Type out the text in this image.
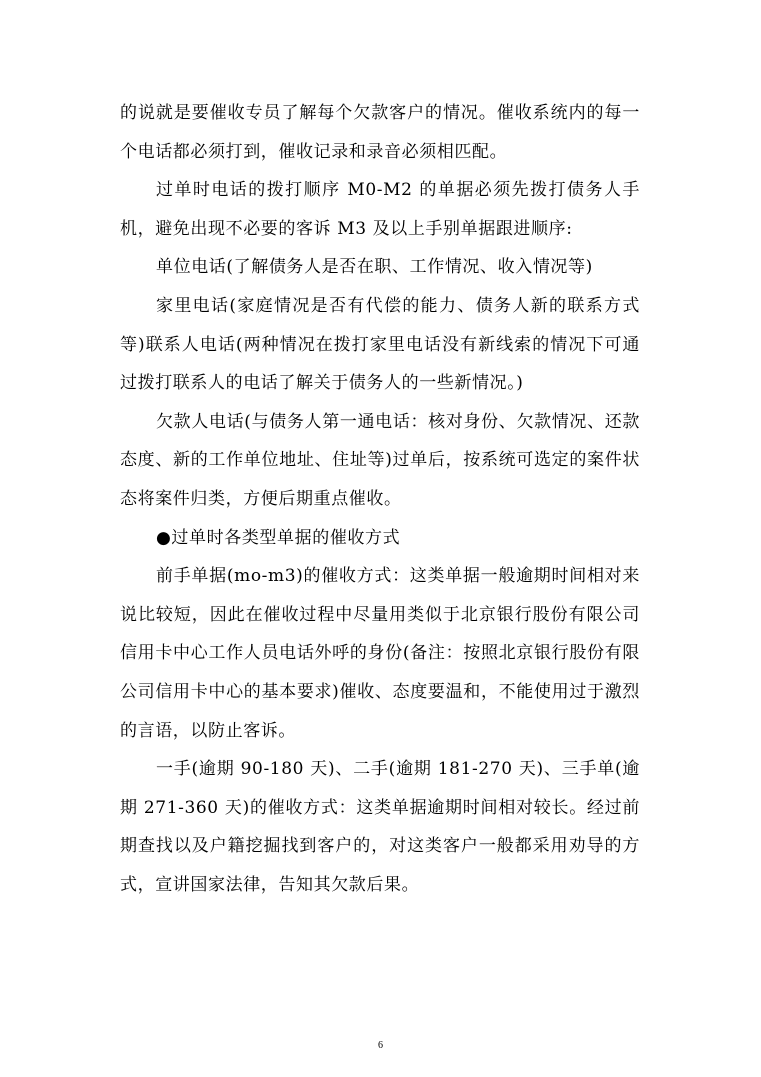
的说就是要催收专员了解每个欠款客户的情况。催收系统内的每一个电话都必须打到，催收记录和录音必须相匹配。

过单时电话的拨打顺序 M0-M2 的单据必须先拨打债务人手机，避免出现不必要的客诉 M3 及以上手别单据跟进顺序:

单位电话(了解债务人是否在职、工作情况、收入情况等)

家里电话(家庭情况是否有代偿的能力、债务人新的联系方式等)联系人电话(两种情况在拨打家里电话没有新线索的情况下可通过拨打联系人的电话了解关于债务人的一些新情况。)

欠款人电话(与债务人第一通电话：核对身份、欠款情况、还款态度、新的工作单位地址、住址等)过单后，按系统可选定的案件状态将案件归类，方便后期重点催收。

●过单时各类型单据的催收方式

前手单据(mo-m3)的催收方式：这类单据一般逾期时间相对来说比较短，因此在催收过程中尽量用类似于北京银行股份有限公司信用卡中心工作人员电话外呼的身份(备注：按照北京银行股份有限公司信用卡中心的基本要求)催收、态度要温和，不能使用过于激烈的言语，以防止客诉。

一手(逾期 90-180 天)、二手(逾期 181-270 天)、三手单(逾期 271-360 天)的催收方式：这类单据逾期时间相对较长。经过前期查找以及户籍挖掘找到客户的，对这类客户一般都采用劝导的方式，宣讲国家法律，告知其欠款后果。

6
